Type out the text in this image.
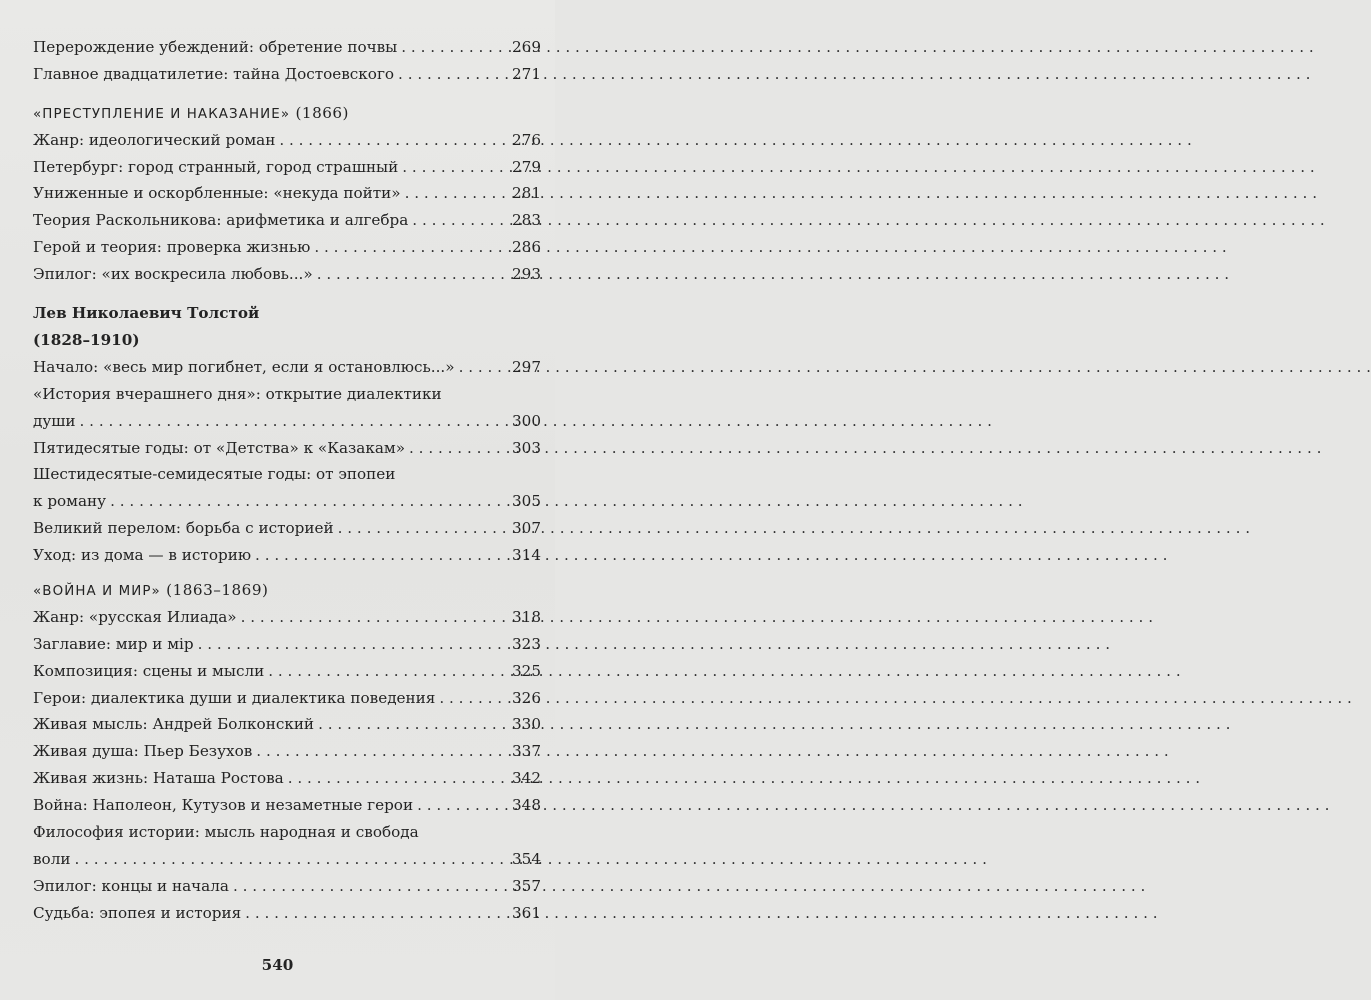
Перерождение убеждений: обретение почвы . . .	269
Главное двадцатилетие: тайна Достоевского . . .	271
«ПРЕСТУПЛЕНИЕ И НАКАЗАНИЕ» (1866)
Жанр: идеологический роман . . .	276
Петербург: город странный, город страшный . . .	279
Униженные и оскорбленные: «некуда пойти» . . .	281
Теория Раскольникова: арифметика и алгебра . . .	283
Герой и теория: проверка жизнью . . .	286
Эпилог: «их воскресила любовь...» . . .	293
Лев Николаевич Толстой
(1828–1910)
Начало: «весь мир погибнет, если я остановлюсь...» . . .	297
«История вчерашнего дня»: открытие диалектики
души . . .	300
Пятидесятые годы: от «Детства» к «Казакам» . . .	303
Шестидесятые-семидесятые годы: от эпопеи
к роману . . .	305
Великий перелом: борьба с историей . . .	307
Уход: из дома — в историю . . .	314
«ВОЙНА И МИР» (1863–1869)
Жанр: «русская Илиада» . . .	318
Заглавие: мир и мір . . .	323
Композиция: сцены и мысли . . .	325
Герои: диалектика души и диалектика поведения . . .	326
Живая мысль: Андрей Болконский . . .	330
Живая душа: Пьер Безухов . . .	337
Живая жизнь: Наташа Ростова . . .	342
Война: Наполеон, Кутузов и незаметные герои . . .	348
Философия истории: мысль народная и свобода
воли . . .	354
Эпилог: концы и начала . . .	357
Судьба: эпопея и история . . .	361
540
